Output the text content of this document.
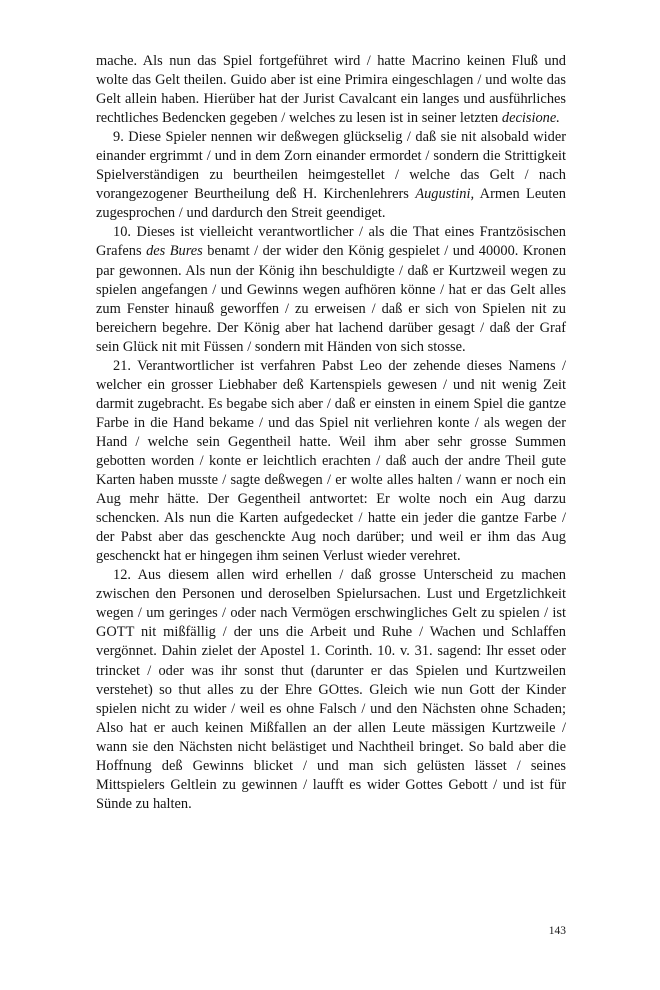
mache. Als nun das Spiel fortgeführet wird / hatte Macrino keinen Fluß und wolte das Gelt theilen. Guido aber ist eine Primira eingeschlagen / und wolte das Gelt allein haben. Hierüber hat der Jurist Cavalcant ein langes und ausführliches rechtliches Bedencken gegeben / welches zu lesen ist in seiner letzten decisione.

9. Diese Spieler nennen wir deßwegen glückselig / daß sie nit alsobald wider einander ergrimmt / und in dem Zorn einander ermordet / sondern die Strittigkeit Spielverständigen zu beurtheilen heimgestellet / welche das Gelt / nach vorangezogener Beurtheilung deß H. Kirchenlehrers Augustini, Armen Leuten zugesprochen / und dardurch den Streit geendiget.

10. Dieses ist vielleicht verantwortlicher / als die That eines Frantzösischen Grafens des Bures benamt / der wider den König gespielet / und 40000. Kronen par gewonnen. Als nun der König ihn beschuldigte / daß er Kurtzweil wegen zu spielen angefangen / und Gewinns wegen aufhören könne / hat er das Gelt alles zum Fenster hinauß geworffen / zu erweisen / daß er sich von Spielen nit zu bereichern begehre. Der König aber hat lachend darüber gesagt / daß der Graf sein Glück nit mit Füssen / sondern mit Händen von sich stosse.

21. Verantwortlicher ist verfahren Pabst Leo der zehende dieses Namens / welcher ein grosser Liebhaber deß Kartenspiels gewesen / und nit wenig Zeit darmit zugebracht. Es begabe sich aber / daß er einsten in einem Spiel die gantze Farbe in die Hand bekame / und das Spiel nit verliehren konte / als wegen der Hand / welche sein Gegentheil hatte. Weil ihm aber sehr grosse Summen gebotten worden / konte er leichtlich erachten / daß auch der andre Theil gute Karten haben musste / sagte deßwegen / er wolte alles halten / wann er noch ein Aug mehr hätte. Der Gegentheil antwortet: Er wolte noch ein Aug darzu schencken. Als nun die Karten aufgedecket / hatte ein jeder die gantze Farbe / der Pabst aber das geschenckte Aug noch darüber; und weil er ihm das Aug geschenckt hat er hingegen ihm seinen Verlust wieder verehret.

12. Aus diesem allen wird erhellen / daß grosse Unterscheid zu machen zwischen den Personen und deroselben Spielursachen. Lust und Ergetzlichkeit wegen / um geringes / oder nach Vermögen erschwingliches Gelt zu spielen / ist GOTT nit mißfällig / der uns die Arbeit und Ruhe / Wachen und Schlaffen vergönnet. Dahin zielet der Apostel 1. Corinth. 10. v. 31. sagend: Ihr esset oder trincket / oder was ihr sonst thut (darunter er das Spielen und Kurtzweilen verstehet) so thut alles zu der Ehre GOttes. Gleich wie nun Gott der Kinder spielen nicht zu wider / weil es ohne Falsch / und den Nächsten ohne Schaden; Also hat er auch keinen Mißfallen an der allen Leute mässigen Kurtzweile / wann sie den Nächsten nicht belästiget und Nachtheil bringet. So bald aber die Hoffnung deß Gewinns blicket / und man sich gelüsten lässet / seines Mittspielers Geltlein zu gewinnen / laufft es wider Gottes Gebott / und ist für Sünde zu halten.

143
